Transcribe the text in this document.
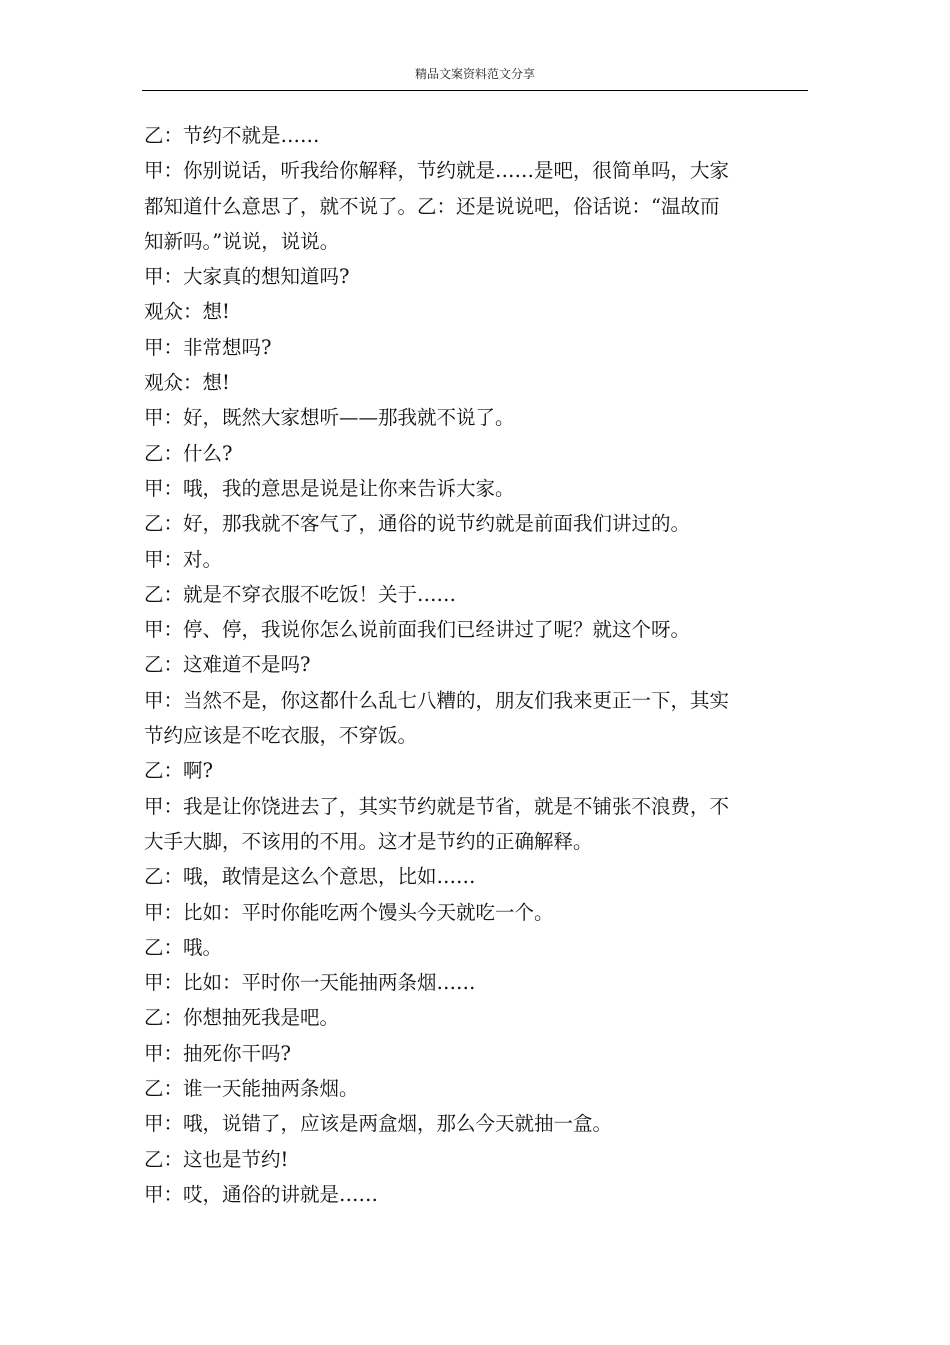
精品文案资料范文分享

乙：节约不就是……

甲：你别说话，听我给你解释，节约就是……是吧，很简单吗，大家

都知道什么意思了，就不说了。乙：还是说说吧，俗话说：“温故而

知新吗。”说说，说说。

甲：大家真的想知道吗?

观众：想!

甲：非常想吗?

观众：想!

甲：好，既然大家想听——那我就不说了。

乙：什么?

甲：哦，我的意思是说是让你来告诉大家。

乙：好，那我就不客气了，通俗的说节约就是前面我们讲过的。

甲：对。

乙：就是不穿衣服不吃饭！关于……

甲：停、停，我说你怎么说前面我们已经讲过了呢？就这个呀。

乙：这难道不是吗?

甲：当然不是，你这都什么乱七八糟的，朋友们我来更正一下，其实

节约应该是不吃衣服，不穿饭。

乙：啊?

甲：我是让你饶进去了，其实节约就是节省，就是不铺张不浪费，不

大手大脚，不该用的不用。这才是节约的正确解释。

乙：哦，敢情是这么个意思，比如……

甲：比如：平时你能吃两个馒头今天就吃一个。

乙：哦。

甲：比如：平时你一天能抽两条烟……

乙：你想抽死我是吧。

甲：抽死你干吗?

乙：谁一天能抽两条烟。

甲：哦，说错了，应该是两盒烟，那么今天就抽一盒。

乙：这也是节约!

甲：哎，通俗的讲就是……
